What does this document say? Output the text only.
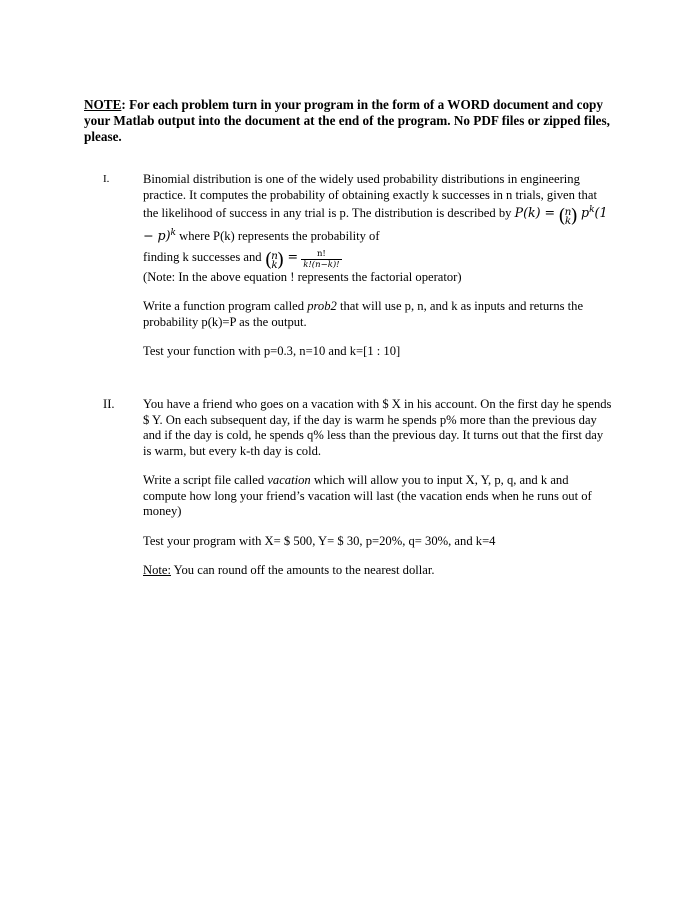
NOTE: For each problem turn in your program in the form of a WORD document and copy your Matlab output into the document at the end of the program. No PDF files or zipped files, please.
I.	Binomial distribution is one of the widely used probability distributions in engineering practice. It computes the probability of obtaining exactly k successes in n trials, given that the likelihood of success in any trial is p. The distribution is described by P(k) = (n
k) $p^k(1 - p)^k$ where P(k) represents the probability of

finding k successes and (n
$k) = \frac{n!}{k!(n-k)!}$

(Note: In the above equation ! represents the factorial operator)

Write a function program called prob2 that will use p, n, and k as inputs and returns the probability p(k)=P as the output.

Test your function with p=0.3, n=10 and k=[1 : 10]

II. You have a friend who goes on a vacation with $ X in his account. On the first day he spends $ Y. On each subsequent day, if the day is warm he spends p% more than the previous day and if the day is cold, he spends q% less than the previous day. It turns out that the first day is warm, but every k-th day is cold.

Write a script file called vacation which will allow you to input X, Y, p, q, and k and compute how long your friend’s vacation will last (the vacation ends when he runs out of money)

Test your program with X= $ 500, Y= $ 30, p=20%, q= 30%, and k=4

Note: You can round off the amounts to the nearest dollar.
